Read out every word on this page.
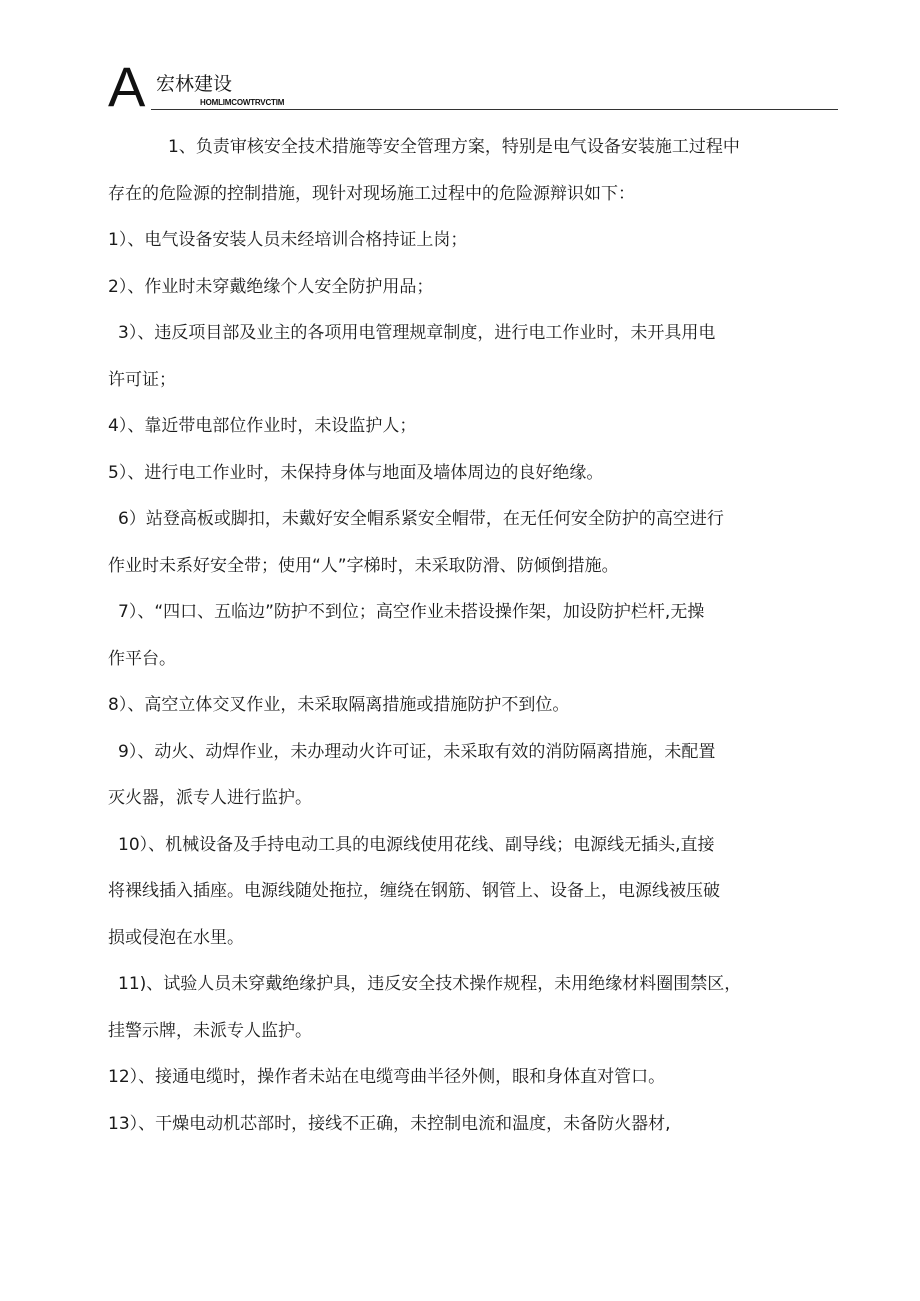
A 宏林建设
HOMLIMCOWTRVCTIM

1、负责审核安全技术措施等安全管理方案，特别是电气设备安装施工过程中

存在的危险源的控制措施，现针对现场施工过程中的危险源辩识如下：

1）、电气设备安装人员未经培训合格持证上岗；

2）、作业时未穿戴绝缘个人安全防护用品；

3）、违反项目部及业主的各项用电管理规章制度，进行电工作业时，未开具用电

许可证；

4）、靠近带电部位作业时，未设监护人；

5）、进行电工作业时，未保持身体与地面及墙体周边的良好绝缘。

6）站登高板或脚扣，未戴好安全帽系紧安全帽带，在无任何安全防护的高空进行

作业时未系好安全带；使用“人”字梯时，未采取防滑、防倾倒措施。

7）、“四口、五临边”防护不到位；高空作业未搭设操作架，加设防护栏杆,无操

作平台。

8）、高空立体交叉作业，未采取隔离措施或措施防护不到位。

9）、动火、动焊作业，未办理动火许可证，未采取有效的消防隔离措施，未配置

灭火器，派专人进行监护。

10）、机械设备及手持电动工具的电源线使用花线、副导线；电源线无插头,直接

将裸线插入插座。电源线随处拖拉，缠绕在钢筋、钢管上、设备上，电源线被压破

损或侵泡在水里。

11)、试验人员未穿戴绝缘护具，违反安全技术操作规程，未用绝缘材料圈围禁区，

挂警示牌，未派专人监护。

12）、接通电缆时，操作者未站在电缆弯曲半径外侧，眼和身体直对管口。

13）、干燥电动机芯部时，接线不正确，未控制电流和温度，未备防火器材,
